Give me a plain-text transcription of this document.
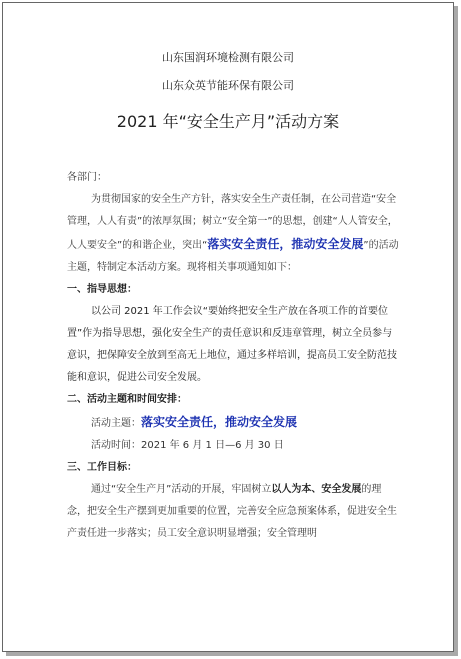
山东国润环境检测有限公司
山东众英节能环保有限公司
2021 年“安全生产月”活动方案

各部门：

为贯彻国家的安全生产方针，落实安全生产责任制，在公司营造“安全管理，人人有责”的浓厚氛围；树立“安全第一”的思想，创建“人人管安全，人人要安全”的和谐企业，突出“落实安全责任，推动安全发展”的活动主题，特制定本活动方案。现将相关事项通知如下：

一、指导思想：

以公司 2021 年工作会议“要始终把安全生产放在各项工作的首要位置”作为指导思想，强化安全生产的责任意识和反违章管理，树立全员参与意识，把保障安全放到至高无上地位，通过多样培训，提高员工安全防范技能和意识，促进公司安全发展。

二、活动主题和时间安排：

活动主题：落实安全责任，推动安全发展

活动时间：2021 年 6 月 1 日—6 月 30 日

三、工作目标：

通过“安全生产月”活动的开展，牢固树立以人为本、安全发展的理念，把安全生产摆到更加重要的位置，完善安全应急预案体系，促进安全生产责任进一步落实；员工安全意识明显增强；安全管理明
